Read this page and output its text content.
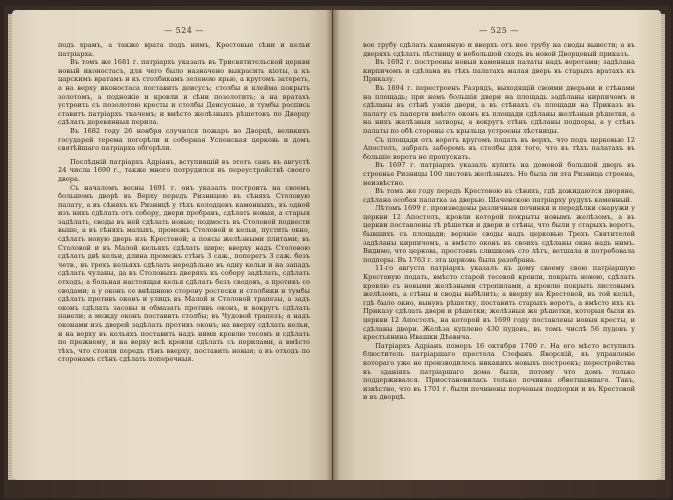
— 524 —

подъ храмъ, а также врата подъ нимъ, Крестовые сѣни и кельи патріарха.

Въ томъ же 1681 г. патріархъ указалъ въ Трисвятительской церкви новый иконостасъ, для чего было назначено выкрасить кіоты, а къ царскимъ вратамъ и къ столбикамъ зеленою ярью, а кругомъ затереть, а на верху иконостаса поставить деисусъ; столбы и клейма покрыть золотомъ, а подножіе и кровли и сѣни позолотить; а на вратахъ устроить съ позолотою кресты и столбы Деисусные, и тумбы роспись ставитъ патріархъ ткачемъ; и вмѣсто желѣзныхъ рѣшетокъ по Дворцу сдѣлать деревянныя перила.

Въ 1682 году 26 ноября случился пожаръ во Дворцѣ, великихъ государей терема погорѣли и соборная Успенская церковь и домъ святѣйшаго патріарха обгорѣли.

Послѣдній патріархъ Адріанъ, вступившій въ этотъ санъ въ августѣ 24 числа 1690 г., также много потрудился въ переустройствѣ своего двора.

Съ началомъ весны 1691 г. онъ указалъ построить на своемъ большомъ дворѣ въ Верху передъ Ризницею въ сѣняхъ Столовую палату, а въ сѣняхъ къ Ризницѣ у тѣхъ колодцевъ каменныхъ, въ одной изъ нихъ сдѣлать отъ собору, двери пробравъ, сдѣлать новыя, а старыя задѣлать, своды въ ней сдѣлать новые; подмость въ Столовой подвести выше, а въ сѣняхъ малыхъ, промежъ Столовой и кельи, пустить окно, сдѣлать новую дверь изъ Крестовой; а поясы желѣзными плитами; въ Столовой и въ Малой кельяхъ сдѣлать шире; вверху надъ Столовою сдѣлать двѣ кельи, длина промежъ стѣнъ 3 саж., поперегъ 3 саж. безъ четв., въ трехъ кельяхъ сдѣлать нередѣльно въ одну кельи и на западъ сдѣлать чуланы, да въ Столовыхъ дверяхъ къ собору задѣлать, сдѣлать отходъ; а больная настоящая келья сдѣлать безъ сводовъ, а противъ со сводами; а у оконъ со внѣшнюю сторону ростески и столбики и тумбы сдѣлать противъ оконъ и улицъ въ Малой и Столовой трапезы, а задъ оконъ сдѣлать засовы и обмазать противъ оконъ, и вокругъ сдѣлать панели; а между оконъ поставить столбы; въ Чудовой трапезъ; а надъ оконами изъ дверей задѣлать противъ оконъ; на вверху сдѣлать кельи, и на верху въ кельяхъ поставить надъ ними кровлю тесомъ и сдѣлать по прежнему, и на верху всѣ кровли сдѣлать съ перилами, а вмѣсто тѣхъ, что стояли передъ тѣмъ вверху, поставить новыя; а въ отходъ по сторонамъ стѣнъ сдѣлать поперечныя.

— 525 —

вое трубу сдѣлать каменную и вверхъ отъ нее трубу на своды вывести; а въ дверяхъ сдѣлать лѣстницу и небольшой сходъ въ новой Дворцовый приказъ.

Въ 1692 г. построены новыя каменныя палаты надъ воротами; задѣлана кирпичомъ и сдѣлана въ тѣхъ палатахъ малая дверь въ старыхъ вратахъ къ Приказу.

Въ 1694 г. перестроенъ Разрядъ, выходящій своими дверьми и стѣнами на площадь; при немъ большія двери на площадь задѣланы кирпичомъ и сдѣланы въ стѣнѣ узкія двери, а въ стѣнахъ съ площади на Приказъ въ палату съ паперти вмѣсто оконъ къ площади сдѣланы желѣзныя рѣшетки, а на нихъ желѣзныя затворы, а вокругъ стѣнъ сдѣланы подпоры, а у стѣнъ палаты по обѣ стороны съ крыльца устроены лѣстницы.

Съ площади отъ воротъ кругомъ подать въ верхъ, что подъ церковью 12 Апостолъ, забрать заборомъ въ столбы для того, что въ тѣхъ палатахъ въ большіе ворота не пропускать.

Въ 1697 г. патріархъ указалъ купить на домовой большой дворъ въ строенье Ризницы 100 листовъ желѣзныхъ. Но была ли эта Ризница строена, неизвѣстно.

Въ томъ же году передъ Крестовою въ сѣняхъ, гдѣ дожидаются дворяне, сдѣлана особая палатка за дверью. Шаченскою патріарху рудухъ каменный.

Лѣтомъ 1699 г. произведены различныя починки и передѣлки снаружи у церкви 12 Апостолъ, кровли которой покрыты новымъ желѣзомъ, а въ церкви поставлены тѣ рѣшетки и двери и стѣны, что были у старыхъ воротъ, бывшихъ съ площади; верхніе своды надъ церковью Трехъ Святителей задѣланы кирпичомъ, а вмѣсто оконъ въ своихъ сдѣланы окна надъ нимъ. Видимо, что церковь, простоявъ слишкомъ сто лѣтъ, ветшала и потребовала подпоры. Въ 1763 г. эта церковь была разобрана.

11-го августа патріархъ указалъ къ дому своему свою патріаршую Крестовую подать, вмѣсто старой тесовой кровли, покрыть новою, сдѣлать кровлю съ новыми желѣзными стропилами, а кровлю покрыть листовымъ желѣзомъ, а стѣны и своды выбѣлить; а вверху на Крестовой, въ той кельѣ, гдѣ было окно, вынувъ рѣшетку, поставить старыхъ воротъ, а вмѣсто ихъ къ Приказу сдѣлать двери и рѣшетки; желѣзныя же рѣшетки, которыя были въ церкви 12 Апостолъ, на которой въ 1699 году поставлены новыя кресты, и сдѣланы двери. Желѣза куплено 430 пудовъ, въ томъ числѣ 56 пудовъ у крестьянина Ивашки Дѣевича.

Патріархъ Адріанъ померъ 16 октября 1700 г. На его мѣсто вступилъ блюститель патріаршаго престола Стефанъ Яворскій, въ управленіе котораго уже не производилось никакихъ новыхъ построекъ; перестройства въ зданіяхъ патріаршаго дома были, потому что домъ только поддерживался. Приостановилась только починка обветшавшаго. Такъ, извѣстно, что въ 1701 г. были починены порченыя подпорки и въ Крестовой и въ дворцѣ.
